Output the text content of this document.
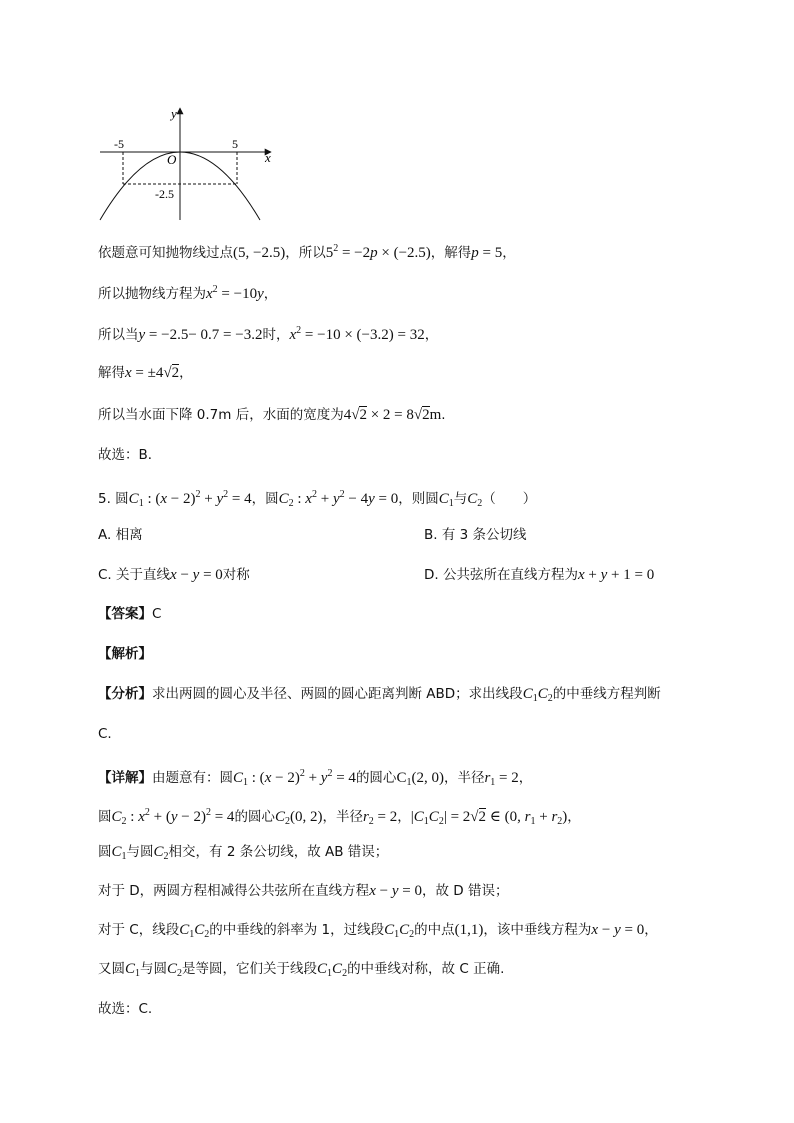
y
x
O
-5	5
-2.5
依题意可知抛物线过点(5, −2.5)，所以$5^2 = -2p \times (-2.5)$，解得p = 5，
所以抛物线方程为$x^2 = -10y$，
所以当y = −2.5− 0.7 = −3.2时，$x^2 = -10 \times (-3.2) = 32$，
解得x = ±4√2，
所以当水面下降 0.7m 后，水面的宽度为4√2 × 2 = 8√2m.
故选：B．
5. 圆$C_1$ : $(x - 2)^2 + y^2 = 4$，圆$C_2$ : $x^2 + y^2 - 4y = 0$，则圆$C_1$与$C_2$（　　）
A. 相离	B. 有 3 条公切线
C. 关于直线x − y = 0对称	D. 公共弦所在直线方程为x + y + 1 = 0
【答案】C
【解析】
【分析】求出两圆的圆心及半径、两圆的圆心距离判断 ABD；求出线段$C_1C_2$的中垂线方程判断
C.
【详解】由题意有：圆$C_1$ : $(x - 2)^2 + y^2 = 4$的圆心$C_1(2$, 0)，半径$r_1 = 2$，
圆$C_2$ : $x^2 + (y - 2)^2 = 4$的圆心$C_2(0$, 2)，半径$r_2 = 2$，$|C_1C_2| = 2√2$ ∈ (0, $r_1 + r_2$)，
圆$C_1$与圆$C_2$相交，有 2 条公切线，故 AB 错误；
对于 D，两圆方程相减得公共弦所在直线方程x − y = 0，故 D 错误；
对于 C，线段$C_1C_2$的中垂线的斜率为 1，过线段$C_1C_2$的中点(1,1)，该中垂线方程为x − y = 0，
又圆$C_1$与圆$C_2$是等圆，它们关于线段$C_1C_2$的中垂线对称，故 C 正确.
故选：C.
